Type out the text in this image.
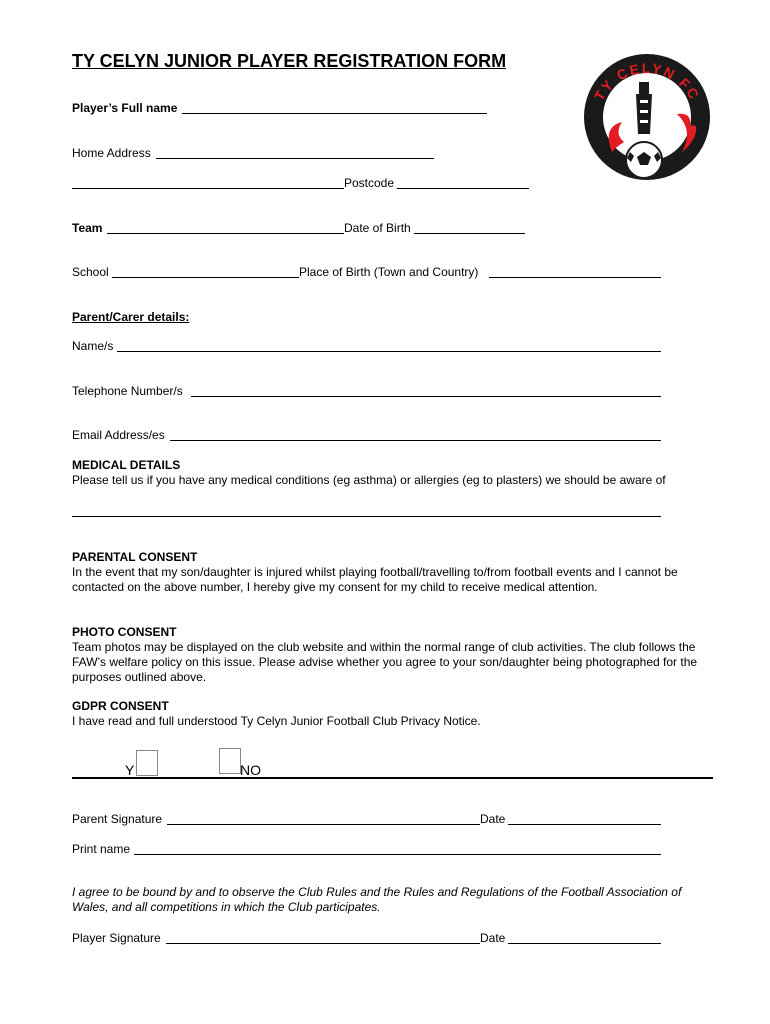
TY CELYN JUNIOR PLAYER REGISTRATION FORM
TY CELYN FC
Player’s Full name
Home Address
Postcode
Team	Date of Birth
School	Place of Birth (Town and Country)
Parent/Carer details:
Name/s
Telephone Number/s
Email Address/es
MEDICAL DETAILS
Please tell us if you have any medical conditions (eg asthma) or allergies (eg to plasters) we should be aware of
PARENTAL CONSENT
In the event that my son/daughter is injured whilst playing football/travelling to/from football events and I cannot be contacted on the above number, I hereby give my consent for my child to receive medical attention.
PHOTO CONSENT
Team photos may be displayed on the club website and within the normal range of club activities. The club follows the FAW’s welfare policy on this issue. Please advise whether you agree to your son/daughter being photographed for the purposes outlined above.
GDPR CONSENT
I have read and full understood Ty Celyn Junior Football Club Privacy Notice.
Y	NO
Parent Signature	Date
Print name
I agree to be bound by and to observe the Club Rules and the Rules and Regulations of the Football Association of Wales, and all competitions in which the Club participates.
Player Signature	Date
